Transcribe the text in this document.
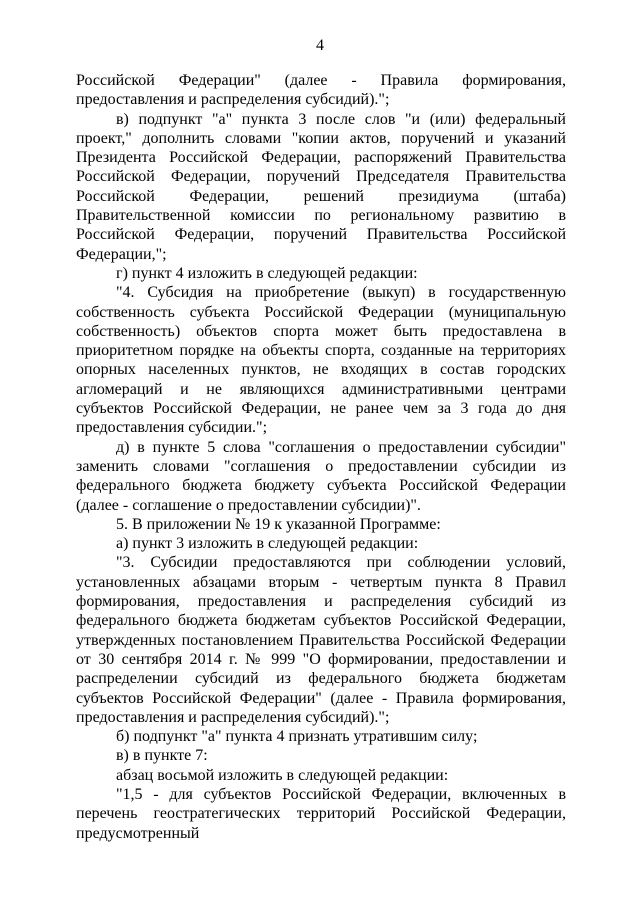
4

Российской Федерации" (далее - Правила формирования, предоставления и распределения субсидий).";

в) подпункт "а" пункта 3 после слов "и (или) федеральный проект," дополнить словами "копии актов, поручений и указаний Президента Российской Федерации, распоряжений Правительства Российской Федерации, поручений Председателя Правительства Российской Федерации, решений президиума (штаба) Правительственной комиссии по региональному развитию в Российской Федерации, поручений Правительства Российской Федерации,";

г) пункт 4 изложить в следующей редакции:

"4. Субсидия на приобретение (выкуп) в государственную собственность субъекта Российской Федерации (муниципальную собственность) объектов спорта может быть предоставлена в приоритетном порядке на объекты спорта, созданные на территориях опорных населенных пунктов, не входящих в состав городских агломераций и не являющихся административными центрами субъектов Российской Федерации, не ранее чем за 3 года до дня предоставления субсидии.";

д) в пункте 5 слова "соглашения о предоставлении субсидии" заменить словами "соглашения о предоставлении субсидии из федерального бюджета бюджету субъекта Российской Федерации (далее - соглашение о предоставлении субсидии)".

5. В приложении № 19 к указанной Программе:

а) пункт 3 изложить в следующей редакции:

"3. Субсидии предоставляются при соблюдении условий, установленных абзацами вторым - четвертым пункта 8 Правил формирования, предоставления и распределения субсидий из федерального бюджета бюджетам субъектов Российской Федерации, утвержденных постановлением Правительства Российской Федерации от 30 сентября 2014 г. № 999 "О формировании, предоставлении и распределении субсидий из федерального бюджета бюджетам субъектов Российской Федерации" (далее - Правила формирования, предоставления и распределения субсидий).";

б) подпункт "а" пункта 4 признать утратившим силу;

в) в пункте 7:

абзац восьмой изложить в следующей редакции:

"1,5 - для субъектов Российской Федерации, включенных в перечень геостратегических территорий Российской Федерации, предусмотренный
